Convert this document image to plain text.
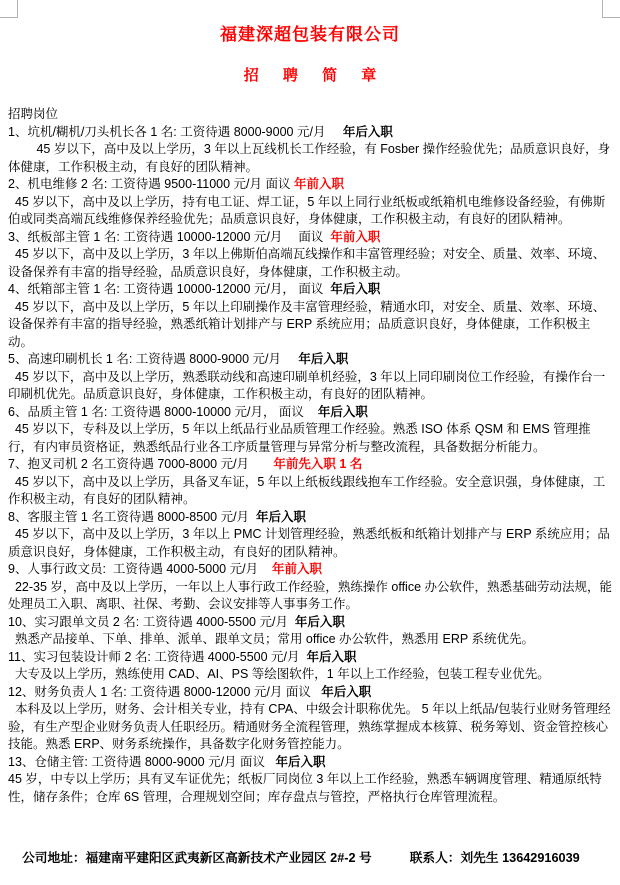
福建深超包装有限公司
招 聘 简 章

招聘岗位

1、坑机/糊机/刀头机长各 1 名: 工资待遇 8000-9000 元/月     年后入职

　　 45 岁以下，高中及以上学历，3 年以上瓦线机长工作经验，有 Fosber 操作经验优先；品质意识良好，身体健康，工作积极主动，有良好的团队精神。

2、机电维修 2 名: 工资待遇 9500-11000 元/月 面议 年前入职

45 岁以下，高中及以上学历，持有电工证、焊工证，5 年以上同行业纸板或纸箱机电维修设备经验，有佛斯伯或同类高端瓦线维修保养经验优先；品质意识良好，身体健康，工作积极主动，有良好的团队精神。

3、纸板部主管 1 名: 工资待遇 10000-12000 元/月　 面议  年前入职

45 岁以下，高中及以上学历，3 年以上佛斯伯高端瓦线操作和丰富管理经验；对安全、质量、效率、环境、设备保养有丰富的指导经验，品质意识良好，身体健康，工作积极主动。

4、纸箱部主管 1 名: 工资待遇 10000-12000 元/月， 面议  年后入职

45 岁以下，高中及以上学历，5 年以上印刷操作及丰富管理经验，精通水印，对安全、质量、效率、环境、设备保养有丰富的指导经验，熟悉纸箱计划排产与 ERP 系统应用；品质意识良好，身体健康，工作积极主动。

5、高速印刷机长 1 名: 工资待遇 8000-9000 元/月     年后入职

45 岁以下，高中及以上学历，熟悉联动线和高速印刷单机经验，3 年以上同印刷岗位工作经验，有操作台一印刷机优先。品质意识良好，身体健康，工作积极主动，有良好的团队精神。

6、品质主管 1 名: 工资待遇 8000-10000 元/月， 面议    年后入职

45 岁以下，专科及以上学历，5 年以上纸品行业品质管理工作经验。熟悉 ISO 体系 QSM 和 EMS 管理推行，有内审员资格证，熟悉纸品行业各工序质量管理与异常分析与整改流程，具备数据分析能力。

7、抱叉司机 2 名工资待遇 7000-8000 元/月       年前先入职 1 名

45 岁以下，高中及以上学历，具备叉车证，5 年以上纸板线跟线抱车工作经验。安全意识强，身体健康，工作积极主动，有良好的团队精神。

8、客服主管 1 名工资待遇 8000-8500 元/月  年后入职

45 岁以下，高中及以上学历，3 年以上 PMC 计划管理经验，熟悉纸板和纸箱计划排产与 ERP 系统应用；品质意识良好，身体健康，工作积极主动，有良好的团队精神。

9、人事行政文员:  工资待遇 4000-5000 元/月    年前入职

22-35 岁，高中及以上学历，一年以上人事行政工作经验，熟练操作 office 办公软件，熟悉基础劳动法规，能处理员工入职、离职、社保、考勤、会议安排等人事事务工作。

10、实习跟单文员 2 名: 工资待遇 4000-5500 元/月  年后入职

熟悉产品接单、下单、排单、派单、跟单文员；常用 office 办公软件，熟悉用 ERP 系统优先。

11、实习包装设计师 2 名: 工资待遇 4000-5500 元/月  年后入职

大专及以上学历，熟练使用 CAD、AI、PS 等绘图软件，1 年以上工作经验，包装工程专业优先。

12、财务负责人 1 名: 工资待遇 8000-12000 元/月 面议   年后入职

本科及以上学历，财务、会计相关专业，持有 CPA、中级会计职称优先。 5 年以上纸品/包装行业财务管理经验，有生产型企业财务负责人任职经历。精通财务全流程管理，熟练掌握成本核算、税务筹划、资金管控核心技能。熟悉 ERP、财务系统操作，具备数字化财务管控能力。

13、仓储主管: 工资待遇 8000-9000 元/月 面议   年后入职

45 岁，中专以上学历；具有叉车证优先；纸板厂同岗位 3 年以上工作经验，熟悉车辆调度管理、精通原纸特性，储存条件；仓库 6S 管理，合理规划空间；库存盘点与管控，严格执行仓库管理流程。

公司地址：福建南平建阳区武夷新区高新技术产业园区 2#-2 号	联系人：刘先生 13642916039
